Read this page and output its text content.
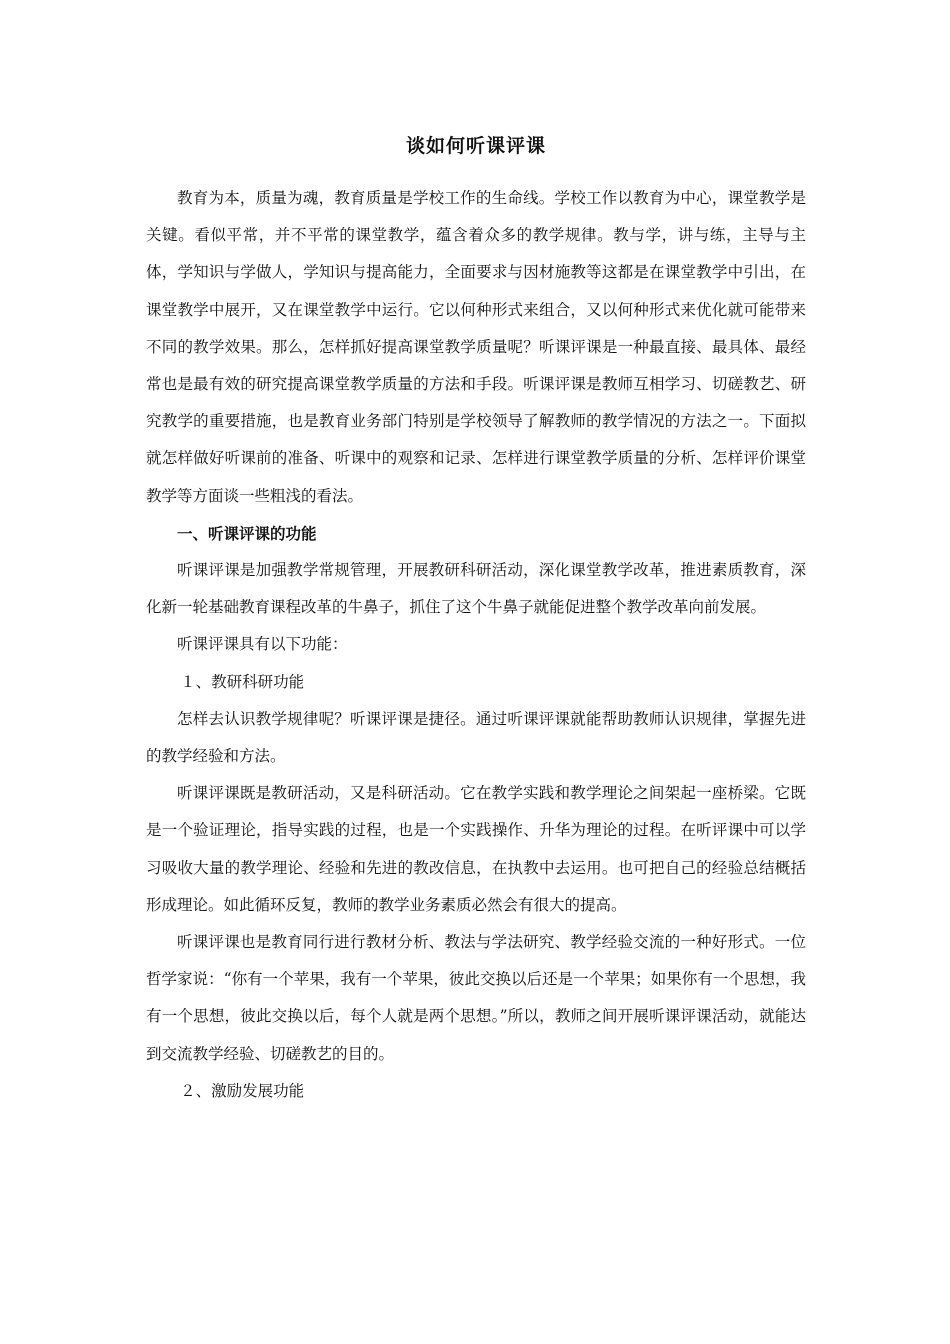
谈如何听课评课

教育为本，质量为魂，教育质量是学校工作的生命线。学校工作以教育为中心，课堂教学是关键。看似平常，并不平常的课堂教学，蕴含着众多的教学规律。教与学，讲与练，主导与主体，学知识与学做人，学知识与提高能力，全面要求与因材施教等这都是在课堂教学中引出，在课堂教学中展开，又在课堂教学中运行。它以何种形式来组合，又以何种形式来优化就可能带来不同的教学效果。那么，怎样抓好提高课堂教学质量呢？听课评课是一种最直接、最具体、最经常也是最有效的研究提高课堂教学质量的方法和手段。听课评课是教师互相学习、切磋教艺、研究教学的重要措施，也是教育业务部门特别是学校领导了解教师的教学情况的方法之一。下面拟就怎样做好听课前的准备、听课中的观察和记录、怎样进行课堂教学质量的分析、怎样评价课堂教学等方面谈一些粗浅的看法。

一、听课评课的功能

听课评课是加强教学常规管理，开展教研科研活动，深化课堂教学改革，推进素质教育，深化新一轮基础教育课程改革的牛鼻子，抓住了这个牛鼻子就能促进整个教学改革向前发展。

听课评课具有以下功能：

１、教研科研功能

怎样去认识教学规律呢？听课评课是捷径。通过听课评课就能帮助教师认识规律，掌握先进的教学经验和方法。

听课评课既是教研活动，又是科研活动。它在教学实践和教学理论之间架起一座桥梁。它既是一个验证理论，指导实践的过程，也是一个实践操作、升华为理论的过程。在听评课中可以学习吸收大量的教学理论、经验和先进的教改信息，在执教中去运用。也可把自己的经验总结概括形成理论。如此循环反复，教师的教学业务素质必然会有很大的提高。

听课评课也是教育同行进行教材分析、教法与学法研究、教学经验交流的一种好形式。一位哲学家说：“你有一个苹果，我有一个苹果，彼此交换以后还是一个苹果；如果你有一个思想，我有一个思想，彼此交换以后，每个人就是两个思想。”所以，教师之间开展听课评课活动，就能达到交流教学经验、切磋教艺的目的。

２、激励发展功能
